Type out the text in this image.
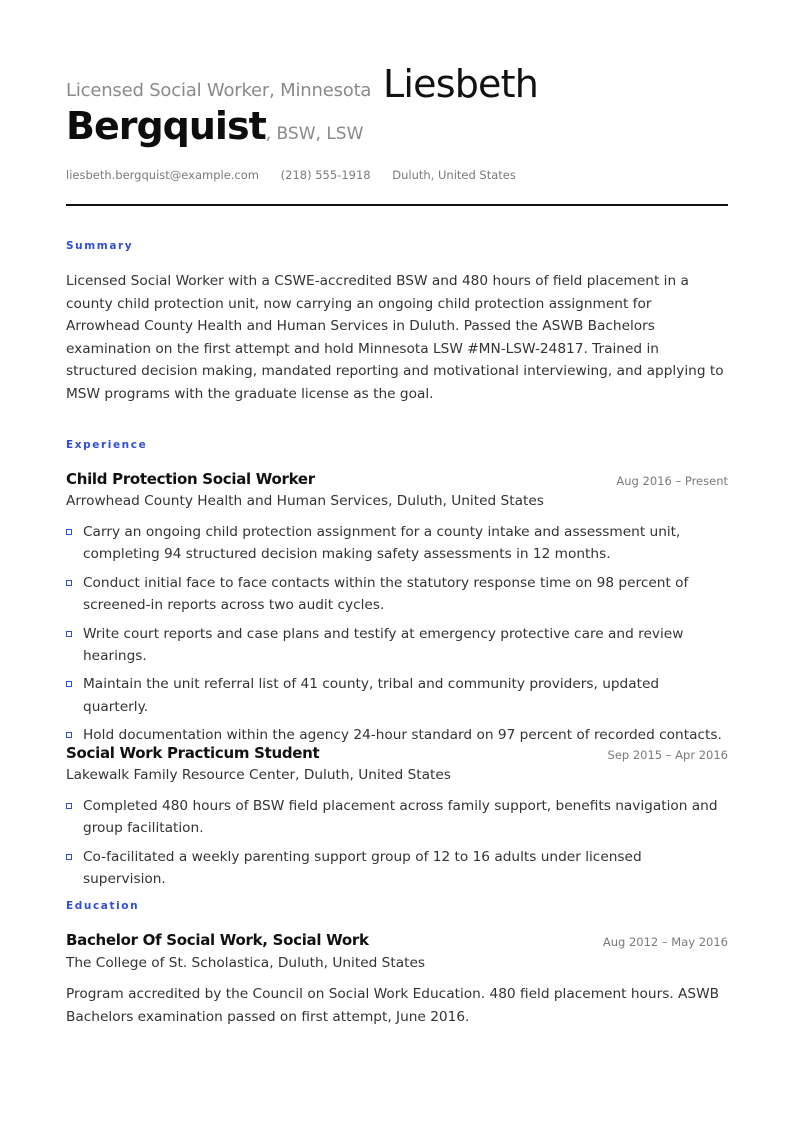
Licensed Social Worker, Minnesota Liesbeth
Bergquist, BSW, LSW
liesbeth.bergquist@example.com (218) 555-1918 Duluth, United States
Summary
Licensed Social Worker with a CSWE-accredited BSW and 480 hours of field placement in a county child protection unit, now carrying an ongoing child protection assignment for Arrowhead County Health and Human Services in Duluth. Passed the ASWB Bachelors examination on the first attempt and hold Minnesota LSW #MN-LSW-24817. Trained in structured decision making, mandated reporting and motivational interviewing, and applying to MSW programs with the graduate license as the goal.
Experience
Child Protection Social Worker	Aug 2016 – Present
Arrowhead County Health and Human Services, Duluth, United States
Carry an ongoing child protection assignment for a county intake and assessment unit, completing 94 structured decision making safety assessments in 12 months.
Conduct initial face to face contacts within the statutory response time on 98 percent of screened-in reports across two audit cycles.
Write court reports and case plans and testify at emergency protective care and review hearings.
Maintain the unit referral list of 41 county, tribal and community providers, updated quarterly.
Hold documentation within the agency 24-hour standard on 97 percent of recorded contacts.
Social Work Practicum Student	Sep 2015 – Apr 2016
Lakewalk Family Resource Center, Duluth, United States
Completed 480 hours of BSW field placement across family support, benefits navigation and group facilitation.
Co-facilitated a weekly parenting support group of 12 to 16 adults under licensed supervision.
Education
Bachelor Of Social Work, Social Work	Aug 2012 – May 2016
The College of St. Scholastica, Duluth, United States
Program accredited by the Council on Social Work Education. 480 field placement hours. ASWB Bachelors examination passed on first attempt, June 2016.
